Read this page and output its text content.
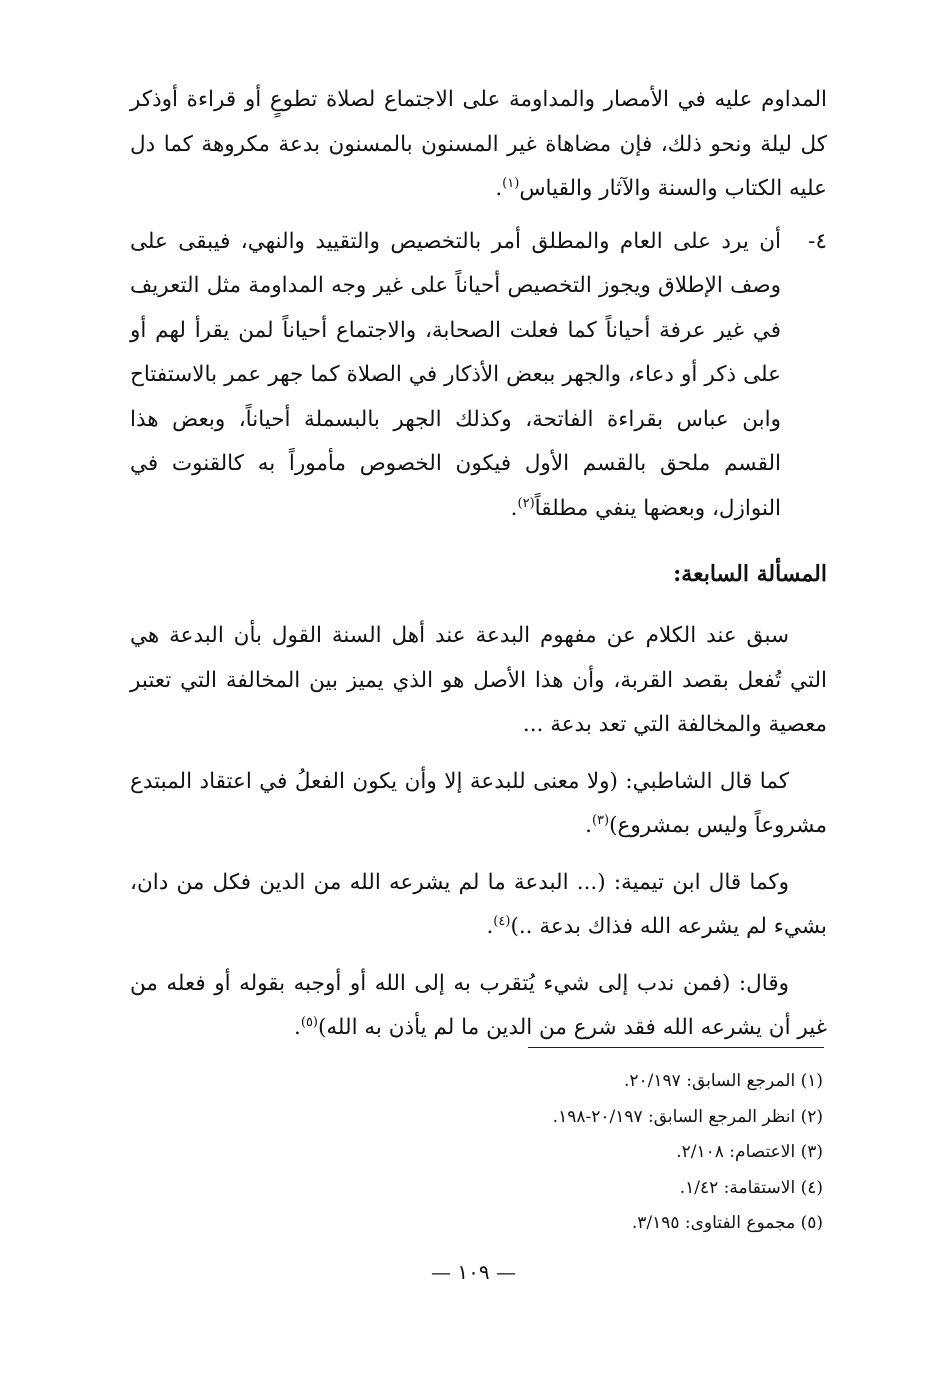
المداوم عليه في الأمصار والمداومة على الاجتماع لصلاة تطوعٍ أو قراءة أوذكر كل ليلة ونحو ذلك، فإن مضاهاة غير المسنون بالمسنون بدعة مكروهة كما دل عليه الكتاب والسنة والآثار والقياس$^{(١)}$.

٤-
أن يرد على العام والمطلق أمر بالتخصيص والتقييد والنهي، فيبقى على وصف الإطلاق ويجوز التخصيص أحياناً على غير وجه المداومة مثل التعريف في غير عرفة أحياناً كما فعلت الصحابة، والاجتماع أحياناً لمن يقرأ لهم أو على ذكر أو دعاء، والجهر ببعض الأذكار في الصلاة كما جهر عمر بالاستفتاح وابن عباس بقراءة الفاتحة، وكذلك الجهر بالبسملة أحياناً، وبعض هذا القسم ملحق بالقسم الأول فيكون الخصوص مأموراً به كالقنوت في النوازل، وبعضها ينفي مطلقاً$^{(٢)}$.
المسألة السابعة:

سبق عند الكلام عن مفهوم البدعة عند أهل السنة القول بأن البدعة هي التي تُفعل بقصد القربة، وأن هذا الأصل هو الذي يميز بين المخالفة التي تعتبر معصية والمخالفة التي تعد بدعة ...

كما قال الشاطبي: (ولا معنى للبدعة إلا وأن يكون الفعلُ في اعتقاد المبتدع مشروعاً وليس بمشروع)$^{(٣)}$.

وكما قال ابن تيمية: (... البدعة ما لم يشرعه الله من الدين فكل من دان، بشيء لم يشرعه الله فذاك بدعة ..)$^{(٤)}$.

وقال: (فمن ندب إلى شيء يُتقرب به إلى الله أو أوجبه بقوله أو فعله من غير أن يشرعه الله فقد شرع من الدين ما لم يأذن به الله)$^{(٥)}$.

(١) المرجع السابق: ٢٠/١٩٧.

(٢) انظر المرجع السابق: ٢٠/١٩٧-١٩٨.

(٣) الاعتصام: ٢/١٠٨.

(٤) الاستقامة: ١/٤٢.

(٥) مجموع الفتاوى: ٣/١٩٥.

— ١٠٩ —
